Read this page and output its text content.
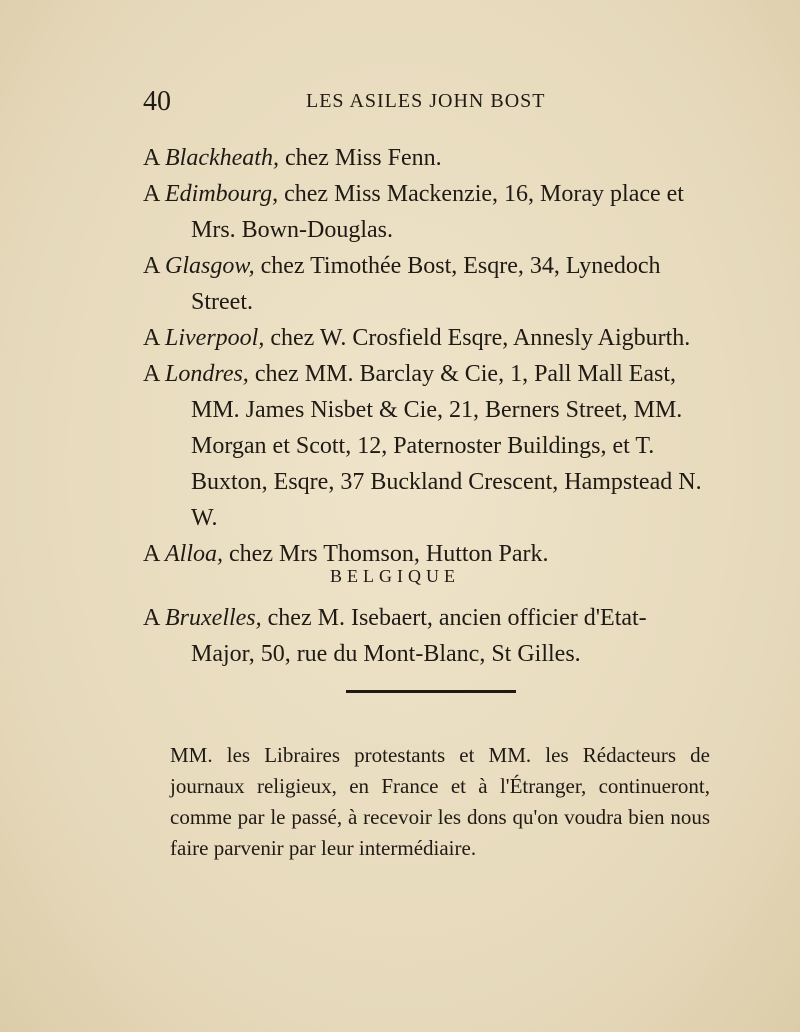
40	LES ASILES JOHN BOST

A Blackheath, chez Miss Fenn.

A Edimbourg, chez Miss Mackenzie, 16, Moray place et Mrs. Bown-Douglas.

A Glasgow, chez Timothée Bost, Esqre, 34, Lynedoch Street.

A Liverpool, chez W. Crosfield Esqre, Annesly Aigburth.

A Londres, chez MM. Barclay & Cie, 1, Pall Mall East, MM. James Nisbet & Cie, 21, Berners Street, MM. Morgan et Scott, 12, Paternoster Buildings, et T. Buxton, Esqre, 37 Buckland Crescent, Hampstead N. W.

A Alloa, chez Mrs Thomson, Hutton Park.

BELGIQUE

A Bruxelles, chez M. Isebaert, ancien officier d'Etat-Major, 50, rue du Mont-Blanc, St Gilles.

MM. les Libraires protestants et MM. les Rédacteurs de journaux religieux, en France et à l'Étranger, continueront, comme par le passé, à recevoir les dons qu'on voudra bien nous faire parvenir par leur intermédiaire.
